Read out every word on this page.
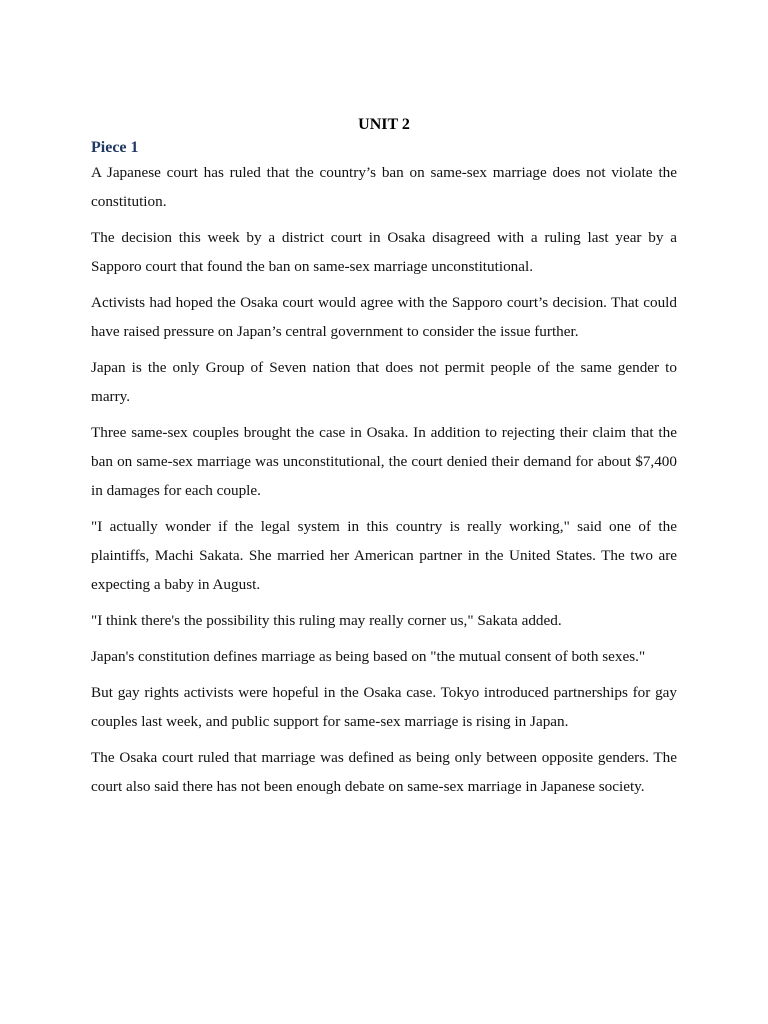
UNIT 2
Piece 1

A Japanese court has ruled that the country’s ban on same-sex marriage does not violate the constitution.

The decision this week by a district court in Osaka disagreed with a ruling last year by a Sapporo court that found the ban on same-sex marriage unconstitutional.

Activists had hoped the Osaka court would agree with the Sapporo court’s decision. That could have raised pressure on Japan’s central government to consider the issue further.

Japan is the only Group of Seven nation that does not permit people of the same gender to marry.

Three same-sex couples brought the case in Osaka. In addition to rejecting their claim that the ban on same-sex marriage was unconstitutional, the court denied their demand for about $7,400 in damages for each couple.

"I actually wonder if the legal system in this country is really working," said one of the plaintiffs, Machi Sakata. She married her American partner in the United States. The two are expecting a baby in August.

"I think there's the possibility this ruling may really corner us," Sakata added.

Japan's constitution defines marriage as being based on "the mutual consent of both sexes."

But gay rights activists were hopeful in the Osaka case. Tokyo introduced partnerships for gay couples last week, and public support for same-sex marriage is rising in Japan.

The Osaka court ruled that marriage was defined as being only between opposite genders. The court also said there has not been enough debate on same-sex marriage in Japanese society.
